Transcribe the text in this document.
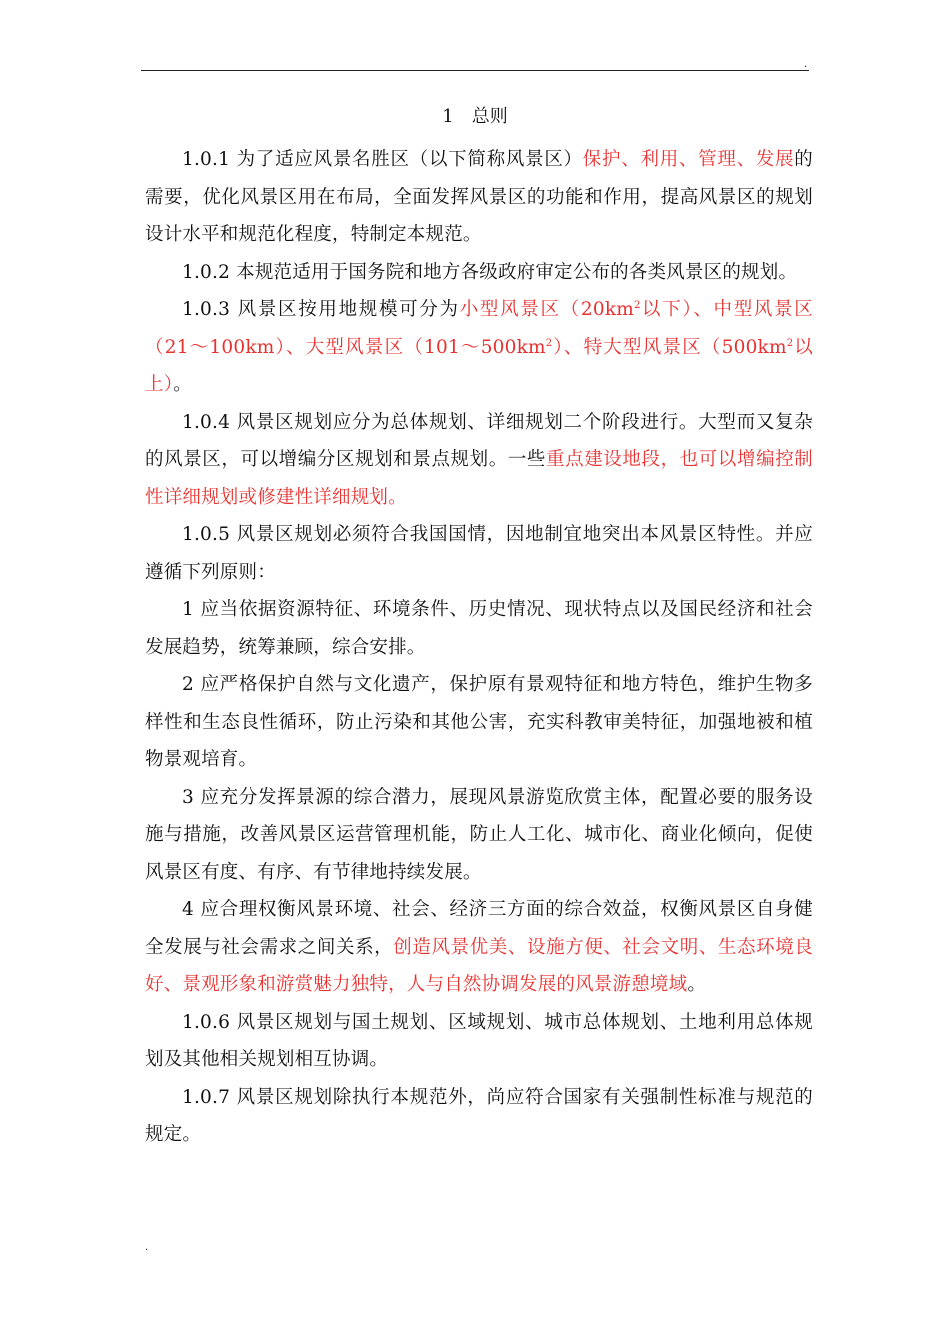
.
1　总则

1.0.1 为了适应风景名胜区（以下简称风景区）保护、利用、管理、发展的需要，优化风景区用在布局，全面发挥风景区的功能和作用，提高风景区的规划设计水平和规范化程度，特制定本规范。

1.0.2 本规范适用于国务院和地方各级政府审定公布的各类风景区的规划。

1.0.3 风景区按用地规模可分为小型风景区（$20km^2$以下）、中型风景区（21～100km）、大型风景区$(101\sim 500km^2)$、特大型风景区（$500km^2$以上）。

1.0.4 风景区规划应分为总体规划、详细规划二个阶段进行。大型而又复杂的风景区，可以增编分区规划和景点规划。一些重点建设地段，也可以增编控制性详细规划或修建性详细规划。

1.0.5 风景区规划必须符合我国国情，因地制宜地突出本风景区特性。并应遵循下列原则：

1 应当依据资源特征、环境条件、历史情况、现状特点以及国民经济和社会发展趋势，统筹兼顾，综合安排。

2 应严格保护自然与文化遗产，保护原有景观特征和地方特色，维护生物多样性和生态良性循环，防止污染和其他公害，充实科教审美特征，加强地被和植物景观培育。

3 应充分发挥景源的综合潜力，展现风景游览欣赏主体，配置必要的服务设施与措施，改善风景区运营管理机能，防止人工化、城市化、商业化倾向，促使风景区有度、有序、有节律地持续发展。

4 应合理权衡风景环境、社会、经济三方面的综合效益，权衡风景区自身健全发展与社会需求之间关系，创造风景优美、设施方便、社会文明、生态环境良好、景观形象和游赏魅力独特，人与自然协调发展的风景游憩境域。

1.0.6 风景区规划与国土规划、区域规划、城市总体规划、土地利用总体规划及其他相关规划相互协调。

1.0.7 风景区规划除执行本规范外，尚应符合国家有关强制性标准与规范的规定。

.
